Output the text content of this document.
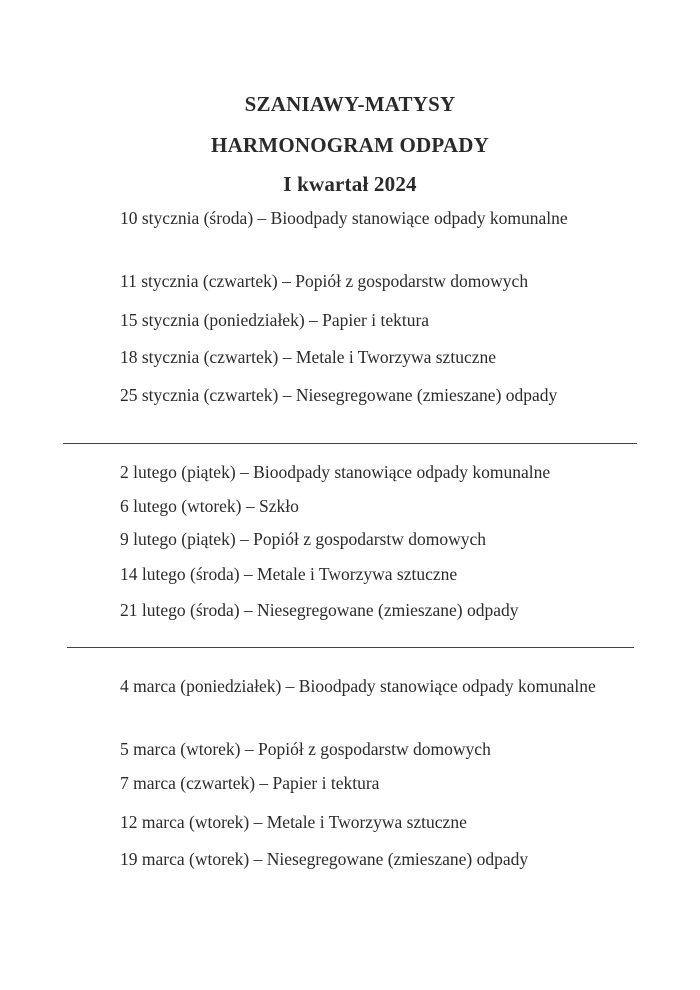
SZANIAWY-MATYSY
HARMONOGRAM ODPADY
I kwartał 2024
10 stycznia (środa) – Bioodpady stanowiące odpady komunalne
11 stycznia (czwartek) – Popiół z gospodarstw domowych
15 stycznia (poniedziałek) – Papier i tektura
18 stycznia (czwartek) – Metale i Tworzywa sztuczne
25 stycznia (czwartek) – Niesegregowane (zmieszane) odpady
2 lutego (piątek) – Bioodpady stanowiące odpady komunalne
6 lutego (wtorek) – Szkło
9 lutego (piątek) – Popiół z gospodarstw domowych
14 lutego (środa) – Metale i Tworzywa sztuczne
21 lutego (środa) – Niesegregowane (zmieszane) odpady
4 marca (poniedziałek) – Bioodpady stanowiące odpady komunalne
5 marca (wtorek) – Popiół z gospodarstw domowych
7 marca (czwartek) – Papier i tektura
12 marca (wtorek) – Metale i Tworzywa sztuczne
19 marca (wtorek) – Niesegregowane (zmieszane) odpady
